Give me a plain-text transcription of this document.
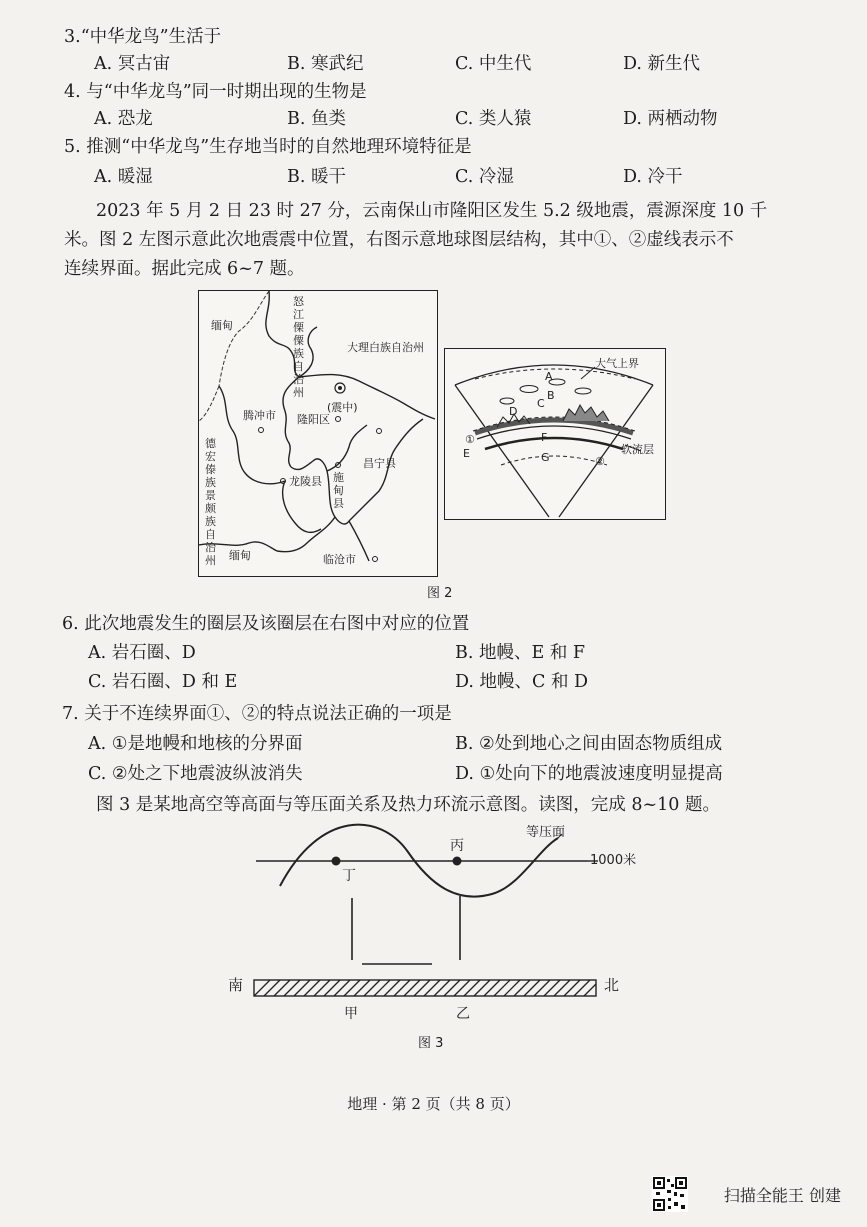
3.“中华龙鸟”生活于
A. 冥古宙	B. 寒武纪	C. 中生代	D. 新生代
4. 与“中华龙鸟”同一时期出现的生物是
A. 恐龙	B. 鱼类	C. 类人猿	D. 两栖动物
5. 推测“中华龙鸟”生存地当时的自然地理环境特征是
A. 暖湿	B. 暖干	C. 冷湿	D. 冷干
2023 年 5 月 2 日 23 时 27 分，云南保山市隆阳区发生 5.2 级地震，震源深度 10 千
米。图 2 左图示意此次地震震中位置，右图示意地球图层结构，其中①、②虚线表示不
连续界面。据此完成 6~7 题。
缅甸
怒江傈僳族自治州
大理白族自治州
(震中)
隆阳区
腾冲市
德宏傣族景颇族自治州
龙陵县 施甸县
昌宁县
缅甸	临沧市
A
B
C
D
E
F
G
①
②
大气上界
软流层
图 2
6. 此次地震发生的圈层及该圈层在右图中对应的位置
A. 岩石圈、D	B. 地幔、E 和 F
C. 岩石圈、D 和 E	D. 地幔、C 和 D
7. 关于不连续界面①、②的特点说法正确的一项是
A. ①是地幔和地核的分界面	B. ②处到地心之间由固态物质组成
C. ②处之下地震波纵波消失	D. ①处向下的地震波速度明显提高
图 3 是某地高空等高面与等压面关系及热力环流示意图。读图，完成 8~10 题。
等压面
1000米
丁
丙
南	北
甲	乙
图 3
地理 · 第 2 页（共 8 页）
扫描全能王 创建
